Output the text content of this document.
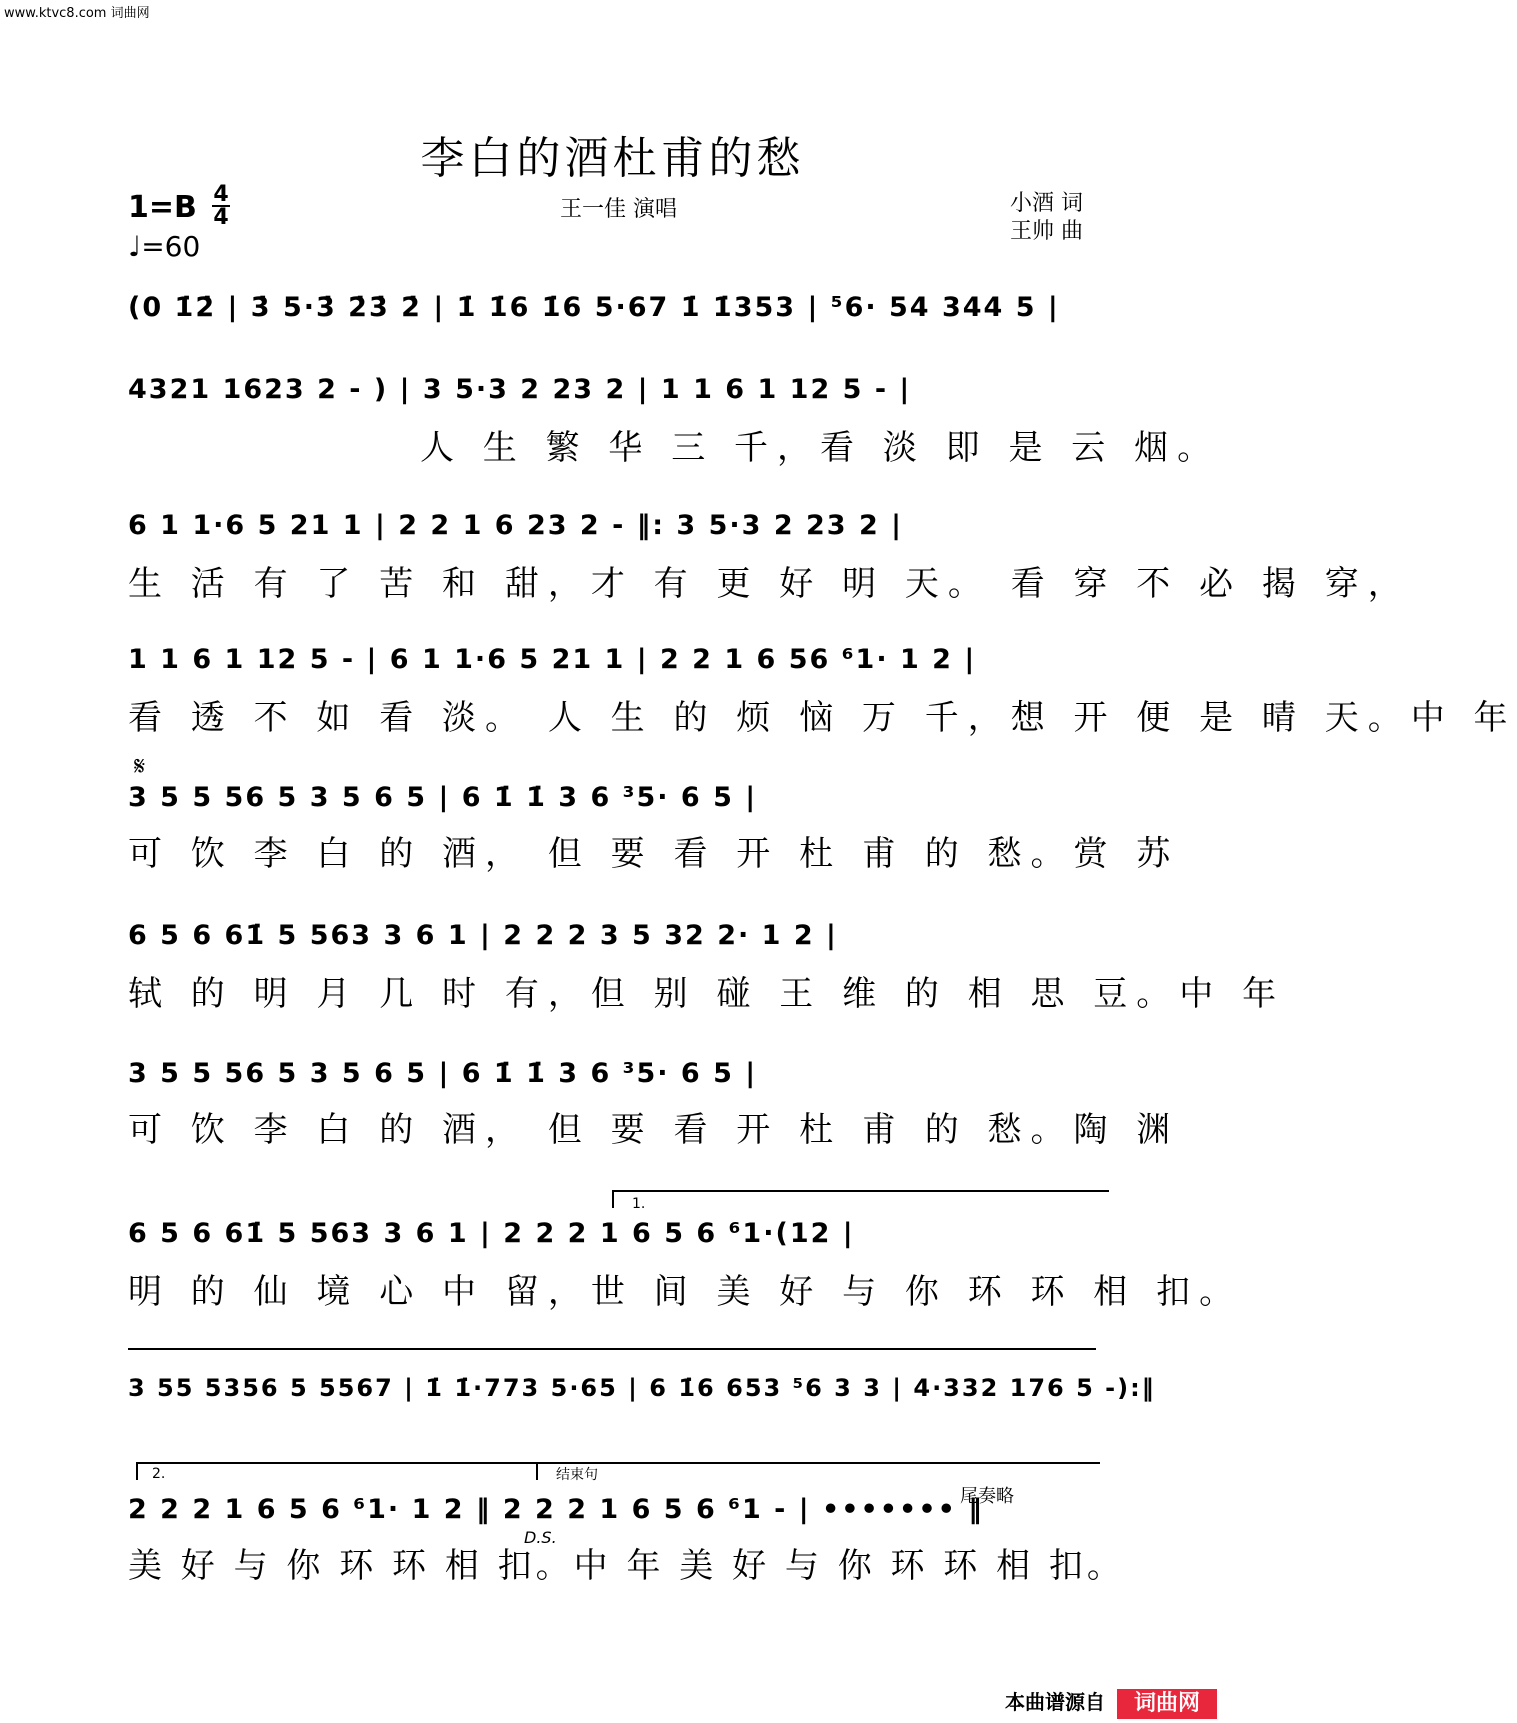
www.ktvc8.com 词曲网
李白的酒杜甫的愁
1=B 4
4
♩=60
王一佳 演唱	小酒 词
王帅 曲
(0 1̇2̇ | 3̇ 5·3̇ 2̇3̇ 2̇ | 1̇ 1̇6 1̇6 5·67 1̇ 1̇353 | ⁵6· 54 344 5 |
4321 1623 2 - ) | 3 5·3 2 23 2 | 1 1 6 1 12 5 - |
人 生 繁 华 三 千，看 淡 即 是 云 烟。
6 1 1·6 5 21 1 | 2 2 1 6 23 2 - ‖: 3 5·3 2 23 2 |
生 活 有 了 苦 和 甜，才 有 更 好 明 天。 看 穿 不 必 揭 穿，
1 1 6 1 12 5 - | 6 1 1·6 5 21 1 | 2 2 1 6 56 ⁶1· 1 2 |
看 透 不 如 看 淡。 人 生 的 烦 恼 万 千，想 开 便 是 晴 天。中 年
𝄋
3 5 5 56 5 3 5 6 5 | 6 1̇ 1̇ 3 6 ³5· 6 5 |
可 饮 李 白 的 酒， 但 要 看 开 杜 甫 的 愁。赏 苏
6 5 6 61̇ 5 563 3 6 1 | 2 2 2 3 5 32 2· 1 2 |
轼 的 明 月 几 时 有，但 别 碰 王 维 的 相 思 豆。中 年
3 5 5 56 5 3 5 6 5 | 6 1̇ 1̇ 3 6 ³5· 6 5 |
可 饮 李 白 的 酒， 但 要 看 开 杜 甫 的 愁。陶 渊
1.
6 5 6 61̇ 5 563 3 6 1 | 2 2 2 1 6 5 6 ⁶1·(12 |
明 的 仙 境 心 中 留，世 间 美 好 与 你 环 环 相 扣。
3 55 5356 5 5567 | 1̇ 1̇·773 5·65 | 6 1̇6 653 ⁵6 3 3 | 4·332 176 5 -):‖
2.	结束句
尾奏略
2 2 2 1 6 5 6 ⁶1· 1 2 ‖ 2 2 2 1 6 5 6 ⁶1 - | ••••••• ‖
D.S.
美 好 与 你 环 环 相 扣。中 年 美 好 与 你 环 环 相 扣。
本曲谱源自	词曲网
